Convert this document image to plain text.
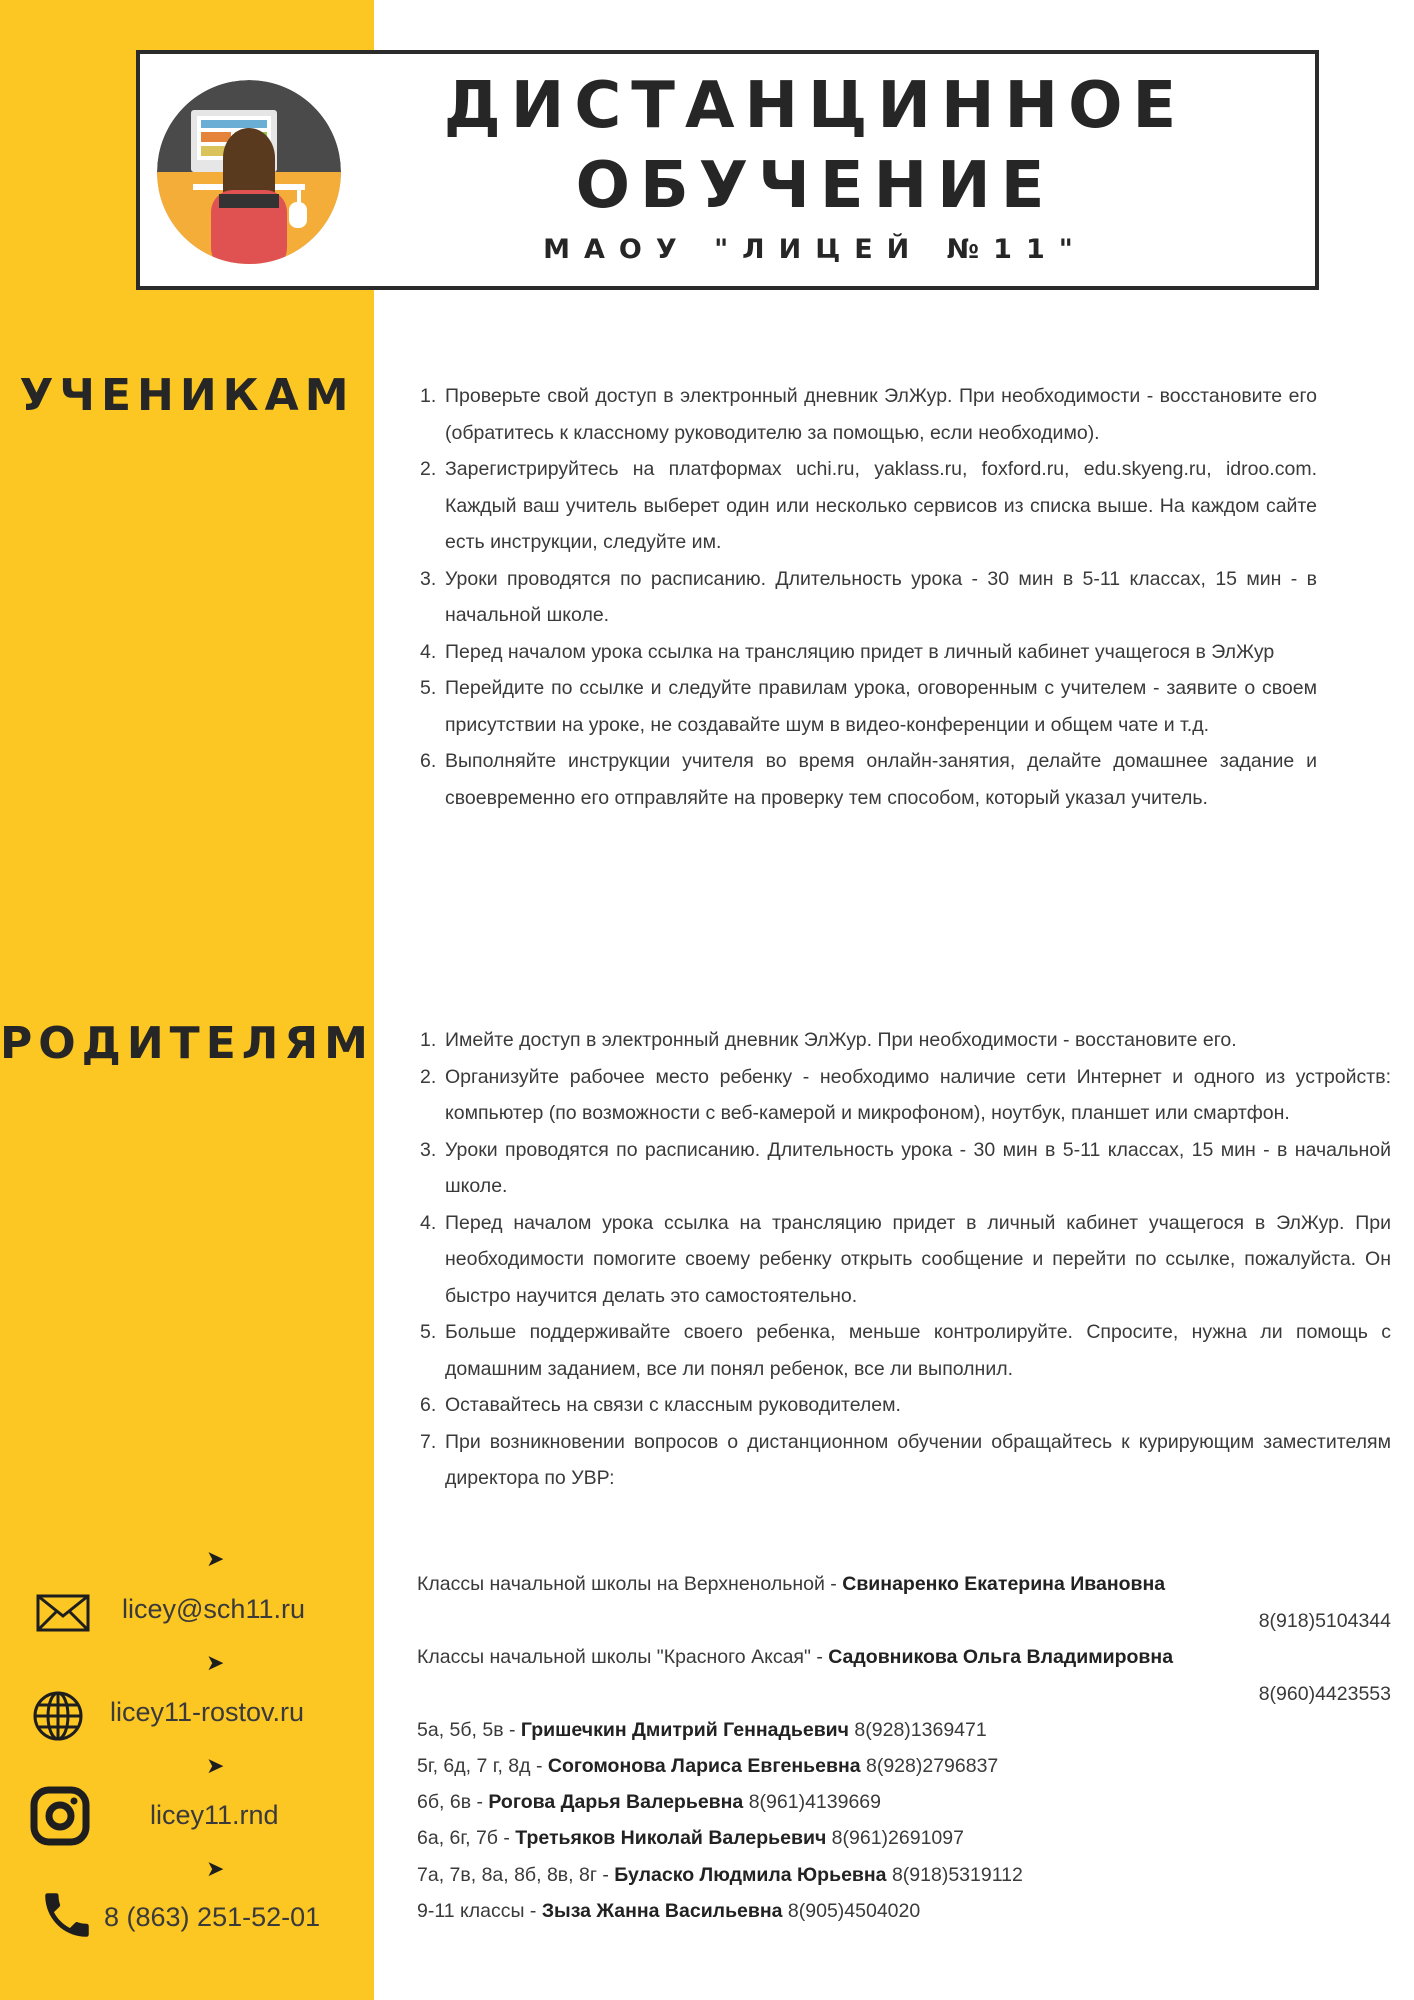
ДИСТАНЦИННОЕ
ОБУЧЕНИЕ
МАОУ "ЛИЦЕЙ №11"
УЧЕНИКАМ	1. Проверьте свой доступ в электронный дневник ЭлЖур. При необходимости - восстановите его (обратитесь к классному руководителю за помощью, если необходимо).
2. Зарегистрируйтесь на платформах uchi.ru, yaklass.ru, foxford.ru, edu.skyeng.ru, idroo.com. Каждый ваш учитель выберет один или несколько сервисов из списка выше. На каждом сайте есть инструкции, следуйте им.
3. Уроки проводятся по расписанию. Длительность урока - 30 мин в 5-11 классах, 15 мин - в начальной школе.
4. Перед началом урока ссылка на трансляцию придет в личный кабинет учащегося в ЭлЖур
5. Перейдите по ссылке и следуйте правилам урока, оговоренным с учителем - заявите о своем присутствии на уроке, не создавайте шум в видео-конференции и общем чате и т.д.
6. Выполняйте инструкции учителя во время онлайн-занятия, делайте домашнее задание и своевременно его отправляйте на проверку тем способом, который указал учитель.
РОДИТЕЛЯМ 1. Имейте доступ в электронный дневник ЭлЖур. При необходимости - восстановите его.
2. Организуйте рабочее место ребенку - необходимо наличие сети Интернет и одного из устройств: компьютер (по возможности с веб-камерой и микрофоном), ноутбук, планшет или смартфон.
3. Уроки проводятся по расписанию. Длительность урока - 30 мин в 5-11 классах, 15 мин - в начальной школе.
4. Перед началом урока ссылка на трансляцию придет в личный кабинет учащегося в ЭлЖур. При необходимости помогите своему ребенку открыть сообщение и перейти по ссылке, пожалуйста. Он быстро научится делать это самостоятельно.
5. Больше поддерживайте своего ребенка, меньше контролируйте. Спросите, нужна ли помощь с домашним заданием, все ли понял ребенок, все ли выполнил.
6. Оставайтесь на связи с классным руководителем.
7. При возникновении вопросов о дистанционном обучении обращайтесь к курирующим заместителям директора по УВР:
Классы начальной школы на Верхненольной - Свинаренко Екатерина Ивановна
8(918)5104344
Классы начальной школы "Красного Аксая" - Садовникова Ольга Владимировна
8(960)4423553
5а, 5б, 5в - Гришечкин Дмитрий Геннадьевич 8(928)1369471
5г, 6д, 7 г, 8д - Согомонова Лариса Евгеньевна 8(928)2796837
6б, 6в - Рогова Дарья Валерьевна 8(961)4139669
6а, 6г, 7б - Третьяков Николай Валерьевич 8(961)2691097
7а, 7в, 8а, 8б, 8в, 8г - Буласко Людмила Юрьевна 8(918)5319112
9-11 классы - Зыза Жанна Васильевна 8(905)4504020
➤
licey@sch11.ru
➤
licey11-rostov.ru
➤
licey11.rnd
➤
8 (863) 251-52-01
